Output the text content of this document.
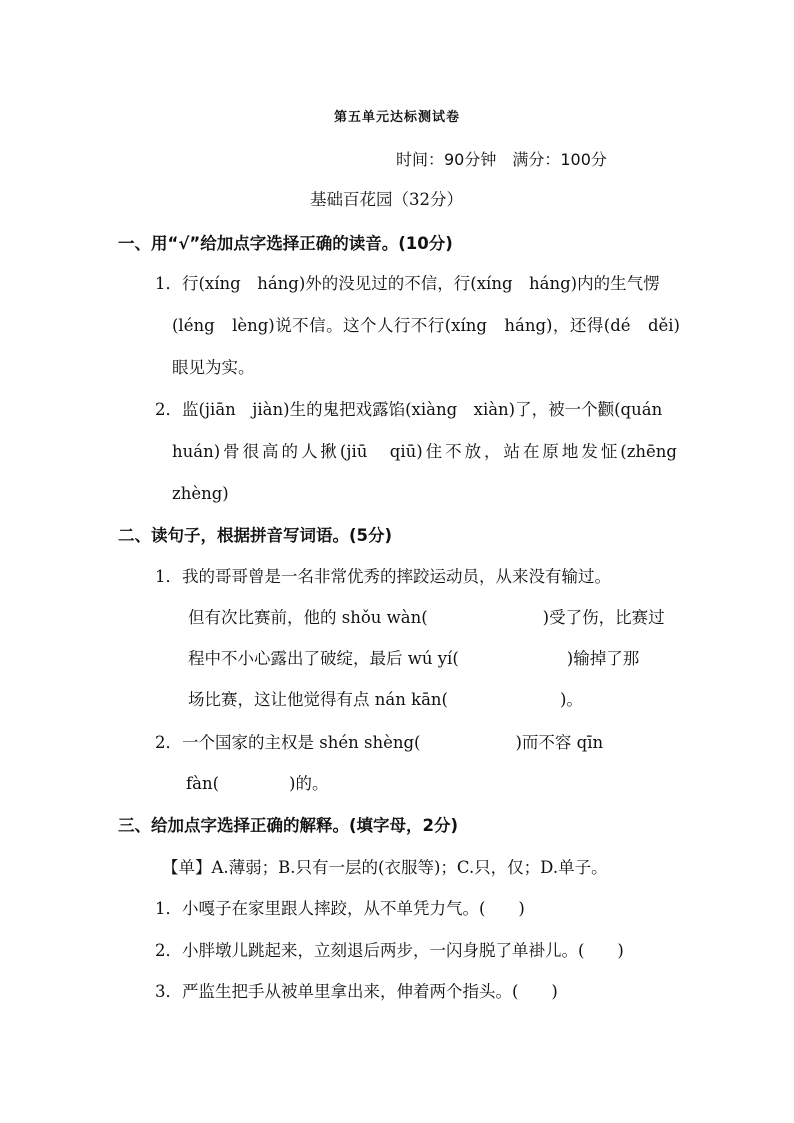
第五单元达标测试卷
时间：90分钟　满分：100分
基础百花园（32分）
一、用“√”给加点字选择正确的读音。(10分)
1．行(xíng　háng)外的没见过的不信，行(xíng　háng)内的生气愣
(léng　lèng)说不信。这个人行不行(xíng　háng)，还得(dé　děi)
眼见为实。
2．监(jiān　jiàn)生的鬼把戏露馅(xiàng　xiàn)了，被一个颧(quán
huán)骨很高的人揪(jiū　qiū)住不放，站在原地发怔(zhēng
zhèng)
二、读句子，根据拼音写词语。(5分)
1．我的哥哥曾是一名非常优秀的摔跤运动员，从来没有输过。
但有次比赛前，他的 shǒu wàn(	)受了伤，比赛过
程中不小心露出了破绽，最后 wú yí(	)输掉了那
场比赛，这让他觉得有点 nán kān(	)。
2．一个国家的主权是 shén shèng(	)而不容 qīn
fàn(	)的。
三、给加点字选择正确的解释。(填字母，2分)
【单】A.薄弱；B.只有一层的(衣服等)；C.只，仅；D.单子。
1．小嘎子在家里跟人摔跤，从不单凭力气。(　　)
2．小胖墩儿跳起来，立刻退后两步，一闪身脱了单褂儿。(　　)
3．严监生把手从被单里拿出来，伸着两个指头。(　　)
